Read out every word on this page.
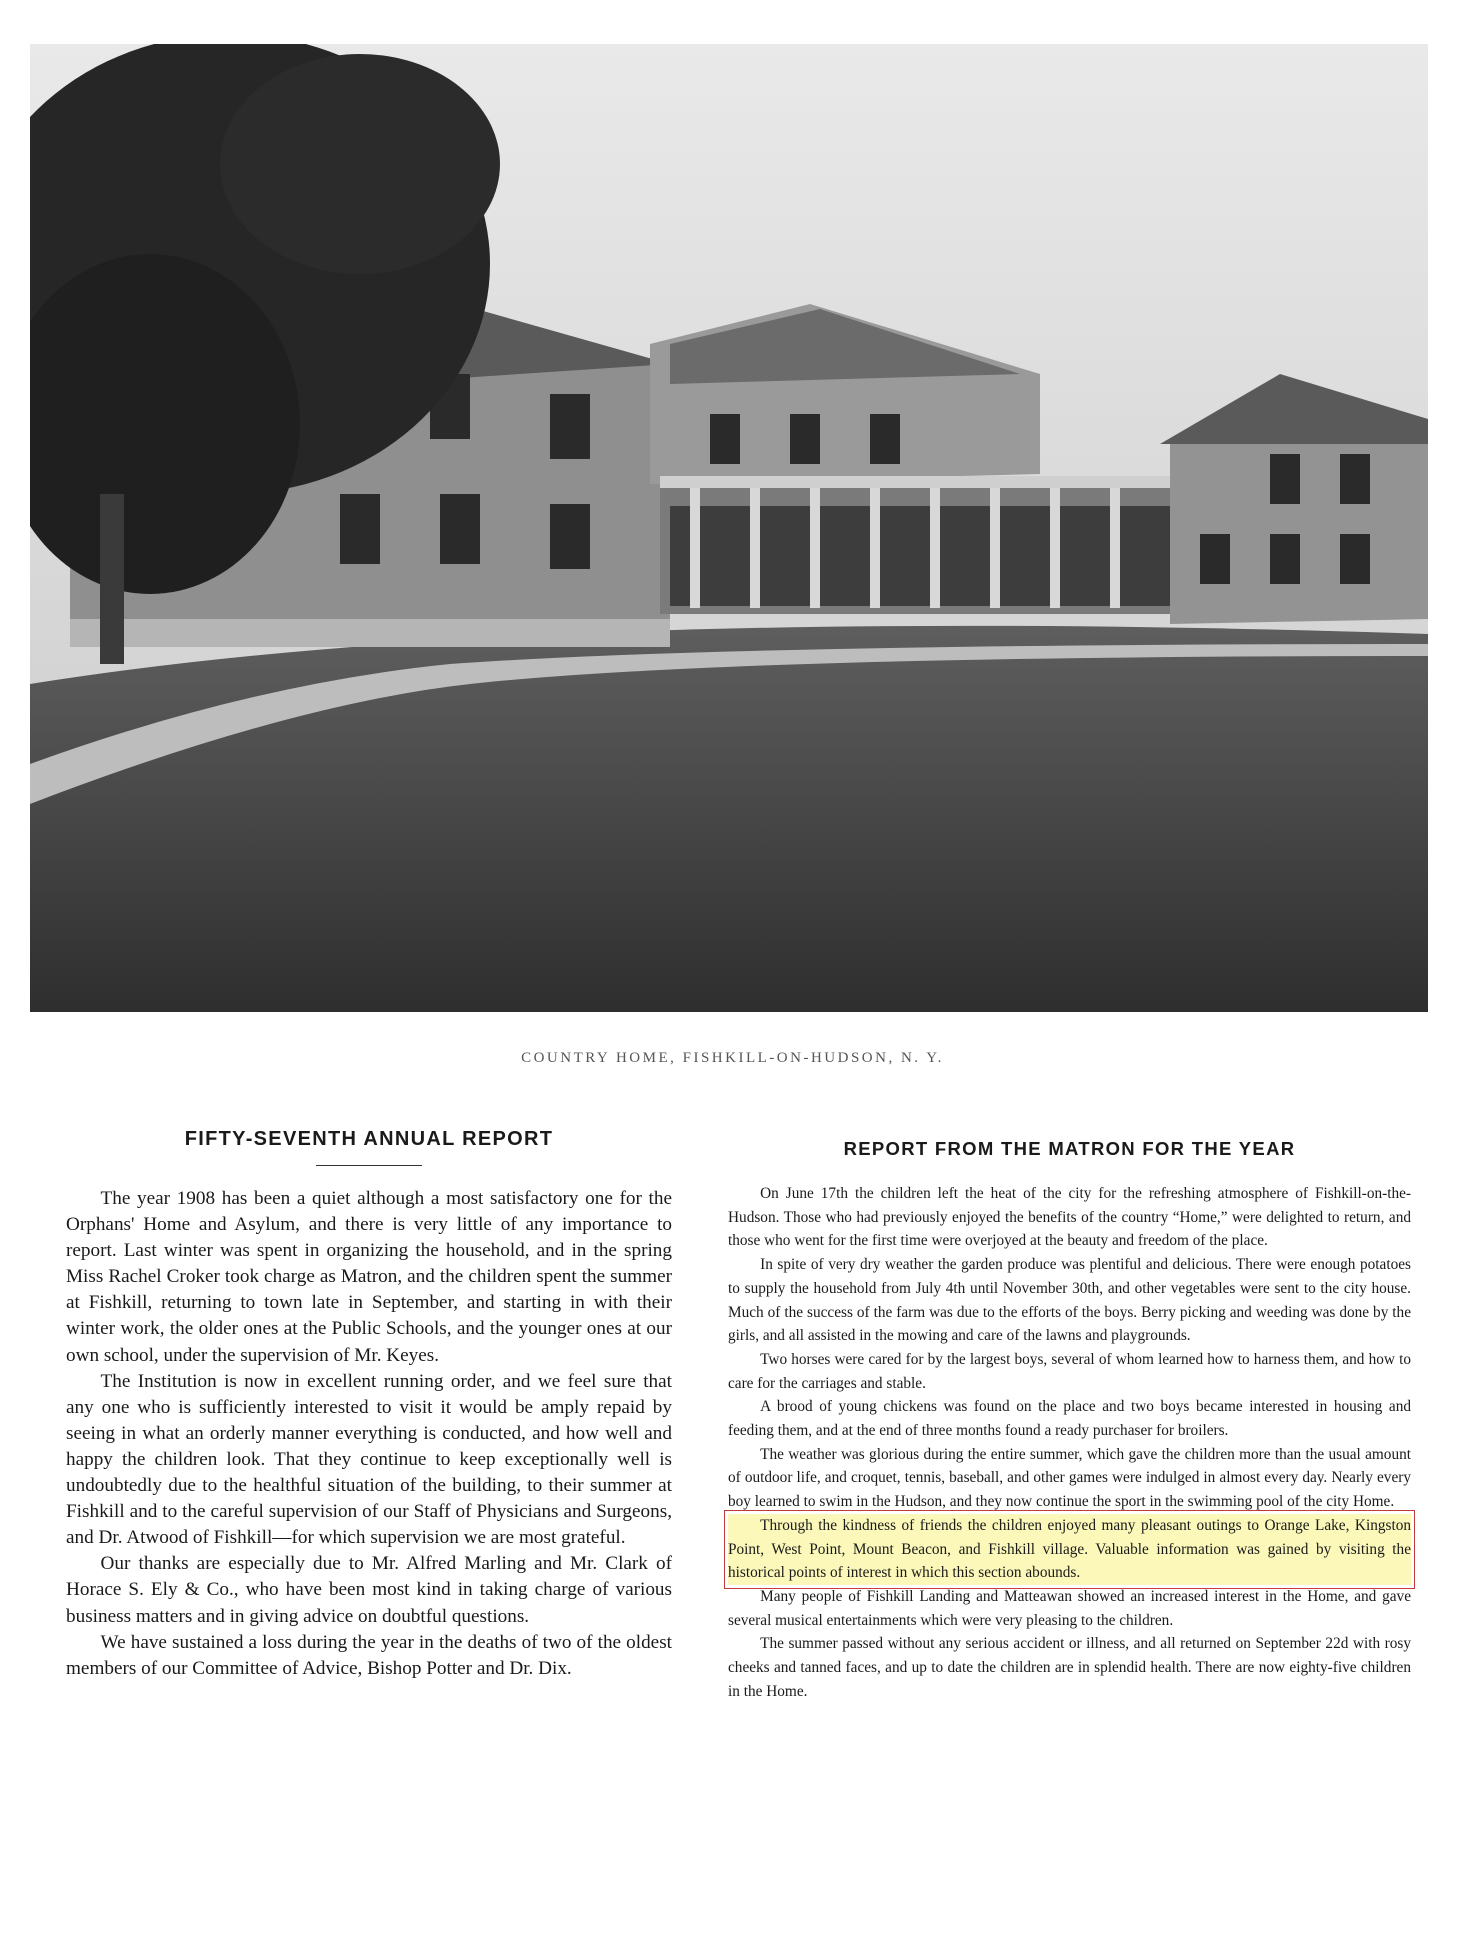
COUNTRY HOME, FISHKILL-ON-HUDSON, N. Y.
FIFTY-SEVENTH ANNUAL REPORT

The year 1908 has been a quiet although a most satisfactory one for the Orphans' Home and Asylum, and there is very little of any importance to report. Last winter was spent in organizing the household, and in the spring Miss Rachel Croker took charge as Matron, and the children spent the summer at Fishkill, returning to town late in September, and starting in with their winter work, the older ones at the Public Schools, and the younger ones at our own school, under the supervision of Mr. Keyes.

The Institution is now in excellent running order, and we feel sure that any one who is sufficiently interested to visit it would be amply repaid by seeing in what an orderly manner everything is conducted, and how well and happy the children look. That they continue to keep exceptionally well is undoubtedly due to the healthful situation of the building, to their summer at Fishkill and to the careful supervision of our Staff of Physicians and Surgeons, and Dr. Atwood of Fishkill—for which supervision we are most grateful.

Our thanks are especially due to Mr. Alfred Marling and Mr. Clark of Horace S. Ely & Co., who have been most kind in taking charge of various business matters and in giving advice on doubtful questions.

We have sustained a loss during the year in the deaths of two of the oldest members of our Committee of Advice, Bishop Potter and Dr. Dix.

REPORT FROM THE MATRON FOR THE YEAR

On June 17th the children left the heat of the city for the refreshing atmosphere of Fishkill-on-the-Hudson. Those who had previously enjoyed the benefits of the country “Home,” were delighted to return, and those who went for the first time were overjoyed at the beauty and freedom of the place.

In spite of very dry weather the garden produce was plentiful and delicious. There were enough potatoes to supply the household from July 4th until November 30th, and other vegetables were sent to the city house. Much of the success of the farm was due to the efforts of the boys. Berry picking and weeding was done by the girls, and all assisted in the mowing and care of the lawns and playgrounds.

Two horses were cared for by the largest boys, several of whom learned how to harness them, and how to care for the carriages and stable.

A brood of young chickens was found on the place and two boys became interested in housing and feeding them, and at the end of three months found a ready purchaser for broilers.

The weather was glorious during the entire summer, which gave the children more than the usual amount of outdoor life, and croquet, tennis, baseball, and other games were indulged in almost every day. Nearly every boy learned to swim in the Hudson, and they now continue the sport in the swimming pool of the city Home.

Through the kindness of friends the children enjoyed many pleasant outings to Orange Lake, Kingston Point, West Point, Mount Beacon, and Fishkill village. Valuable information was gained by visiting the historical points of interest in which this section abounds.

Many people of Fishkill Landing and Matteawan showed an increased interest in the Home, and gave several musical entertainments which were very pleasing to the children.

The summer passed without any serious accident or illness, and all returned on September 22d with rosy cheeks and tanned faces, and up to date the children are in splendid health. There are now eighty-five children in the Home.
